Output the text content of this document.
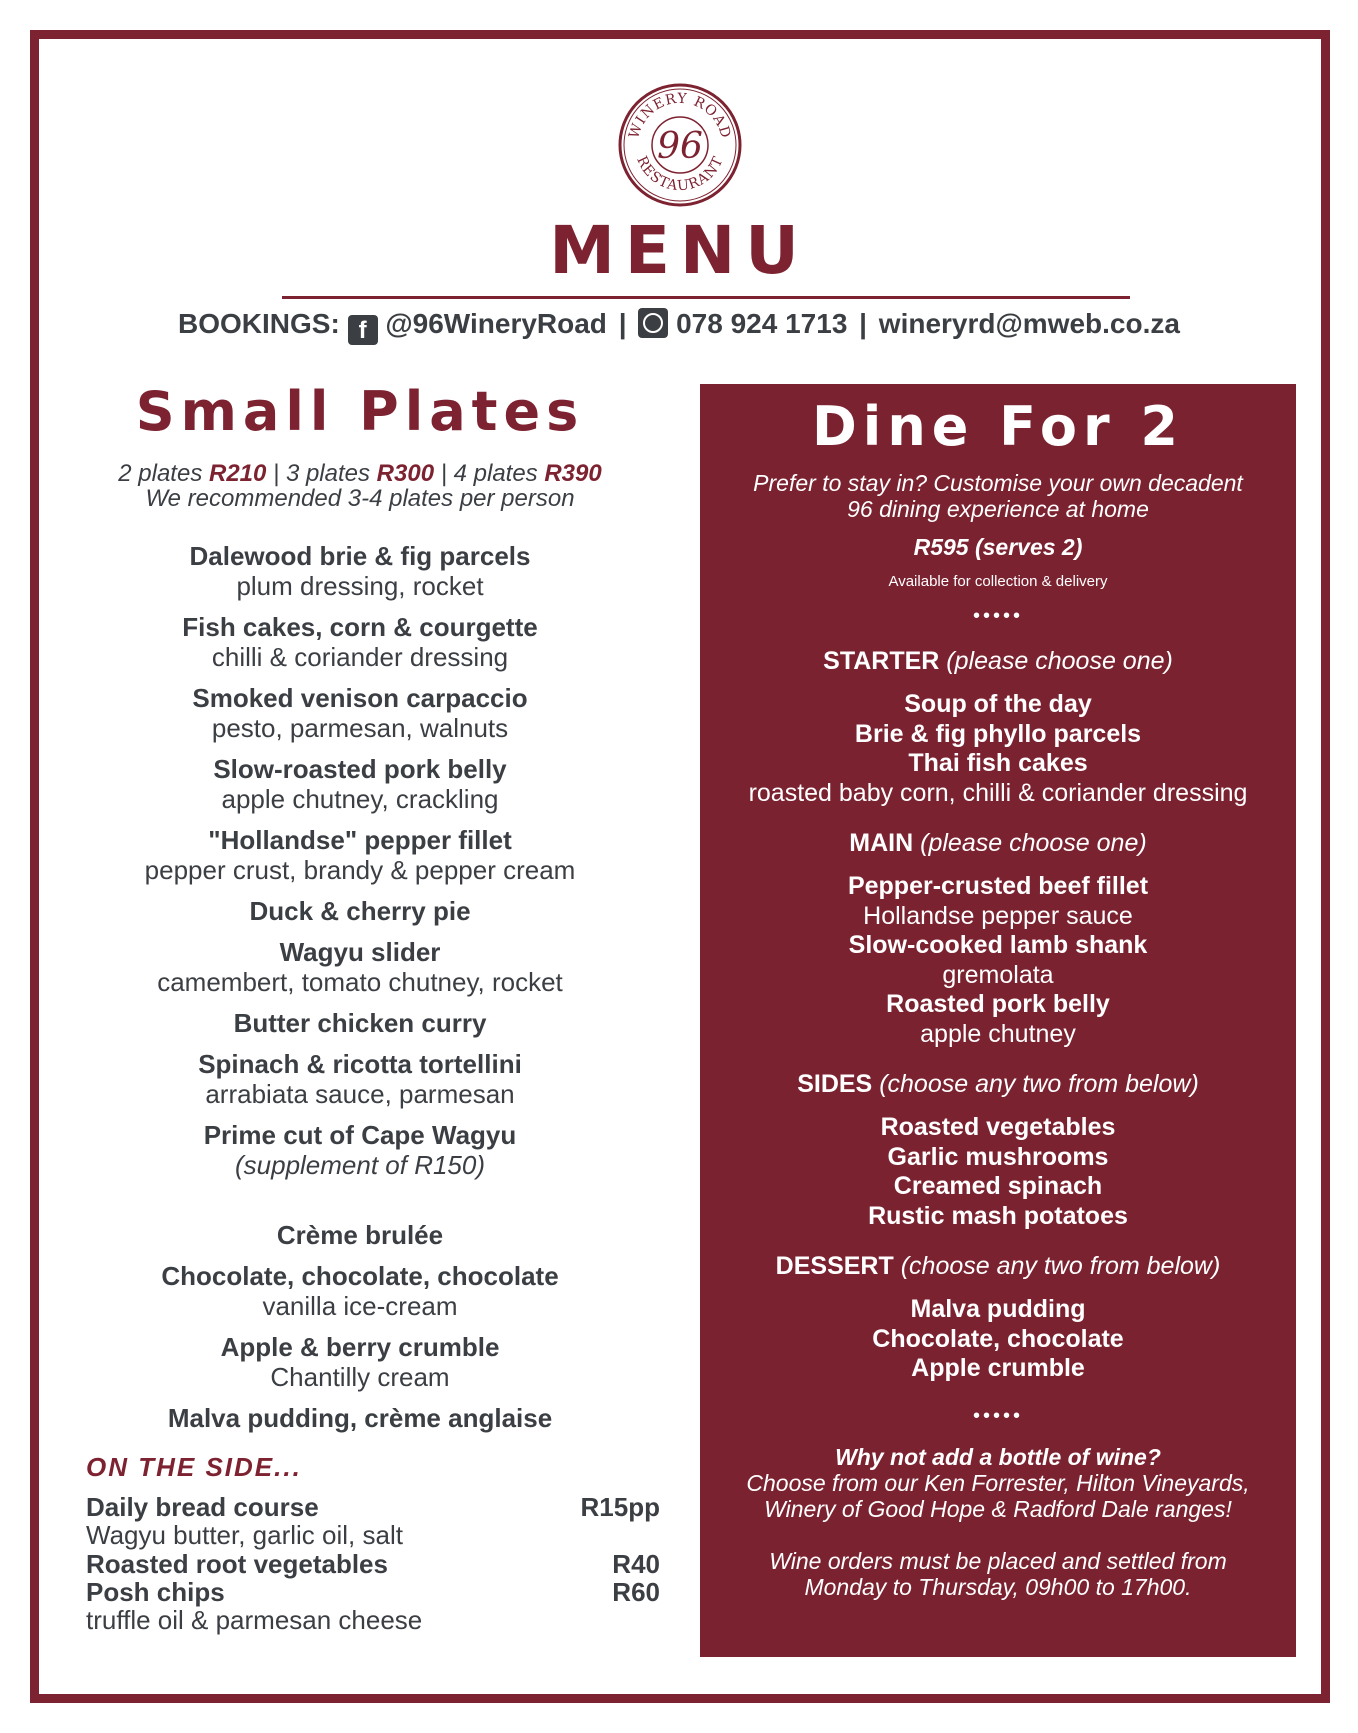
WINERY ROAD
RESTAURANT
96
MENU
BOOKINGS: f @96WineryRoad | 078 924 1713 | wineryrd@mweb.co.za
Small Plates
2 plates R210 | 3 plates R300 | 4 plates R390
We recommended 3-4 plates per person
Dalewood brie & fig parcels
plum dressing, rocket
Fish cakes, corn & courgette
chilli & coriander dressing
Smoked venison carpaccio
pesto, parmesan, walnuts
Slow-roasted pork belly
apple chutney, crackling
"Hollandse" pepper fillet
pepper crust, brandy & pepper cream
Duck & cherry pie
Wagyu slider
camembert, tomato chutney, rocket
Butter chicken curry
Spinach & ricotta tortellini
arrabiata sauce, parmesan
Prime cut of Cape Wagyu
(supplement of R150)
Crème brulée
Chocolate, chocolate, chocolate
vanilla ice-cream
Apple & berry crumble
Chantilly cream
Malva pudding, crème anglaise
ON THE SIDE...
Daily bread course	R15pp
Wagyu butter, garlic oil, salt
Roasted root vegetables	R40
Posh chips	R60
truffle oil & parmesan cheese
Dine For 2
Prefer to stay in? Customise your own decadent
96 dining experience at home
R595 (serves 2)
Available for collection & delivery
•••••
STARTER (please choose one)
Soup of the day
Brie & fig phyllo parcels
Thai fish cakes
roasted baby corn, chilli & coriander dressing
MAIN (please choose one)
Pepper-crusted beef fillet
Hollandse pepper sauce
Slow-cooked lamb shank
gremolata
Roasted pork belly
apple chutney
SIDES (choose any two from below)
Roasted vegetables
Garlic mushrooms
Creamed spinach
Rustic mash potatoes
DESSERT (choose any two from below)
Malva pudding
Chocolate, chocolate
Apple crumble
•••••
Why not add a bottle of wine?
Choose from our Ken Forrester, Hilton Vineyards,
Winery of Good Hope & Radford Dale ranges!
Wine orders must be placed and settled from
Monday to Thursday, 09h00 to 17h00.
